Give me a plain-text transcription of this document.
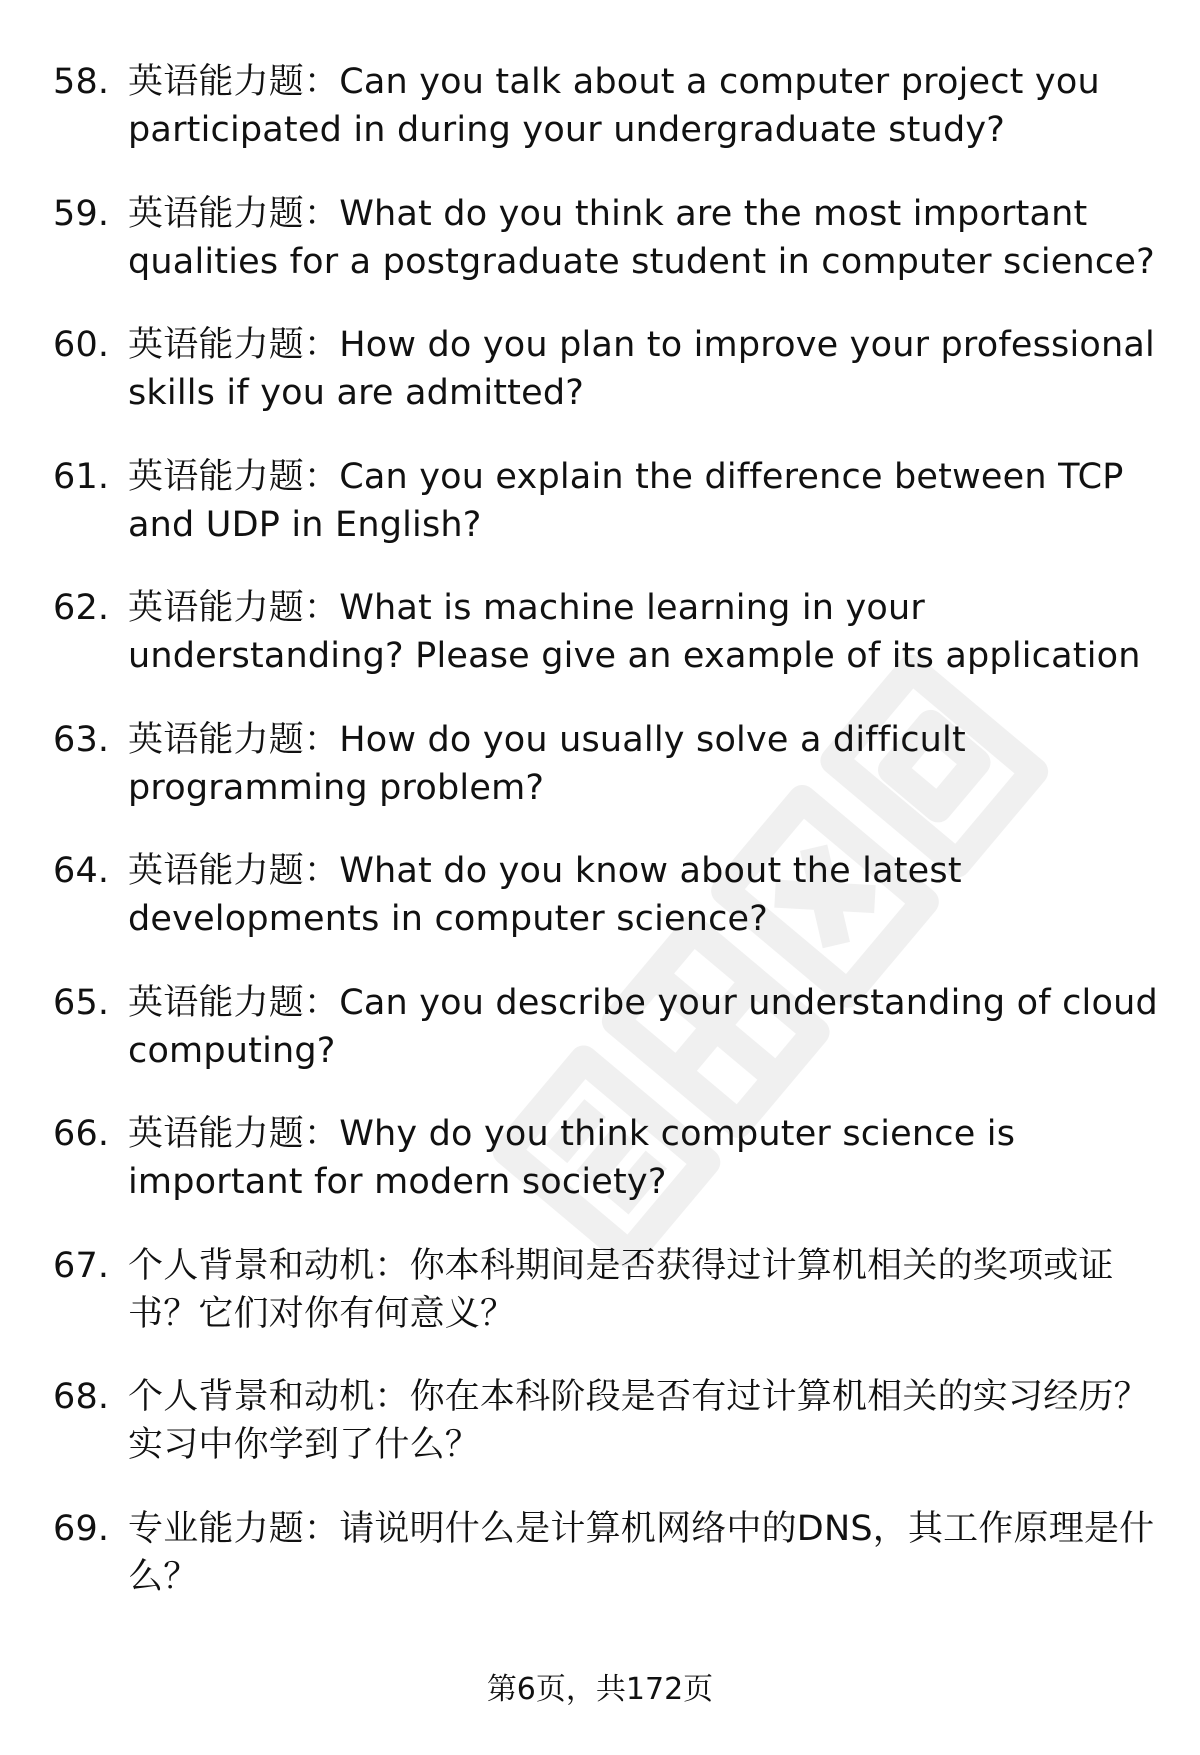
58. 英语能力题：Can you talk about a computer project you participated in during your undergraduate study?
59. 英语能力题：What do you think are the most important qualities for a postgraduate student in computer science?
60. 英语能力题：How do you plan to improve your professional skills if you are admitted?
61. 英语能力题：Can you explain the difference between TCP and UDP in English?
62. 英语能力题：What is machine learning in your understanding? Please give an example of its application
63. 英语能力题：How do you usually solve a difficult programming problem?
64. 英语能力题：What do you know about the latest developments in computer science?
65. 英语能力题：Can you describe your understanding of cloud computing?
66. 英语能力题：Why do you think computer science is important for modern society?
67. 个人背景和动机：你本科期间是否获得过计算机相关的奖项或证书？它们对你有何意义？
68. 个人背景和动机：你在本科阶段是否有过计算机相关的实习经历？实习中你学到了什么？
69. 专业能力题：请说明什么是计算机网络中的DNS，其工作原理是什么？
第6页，共172页
